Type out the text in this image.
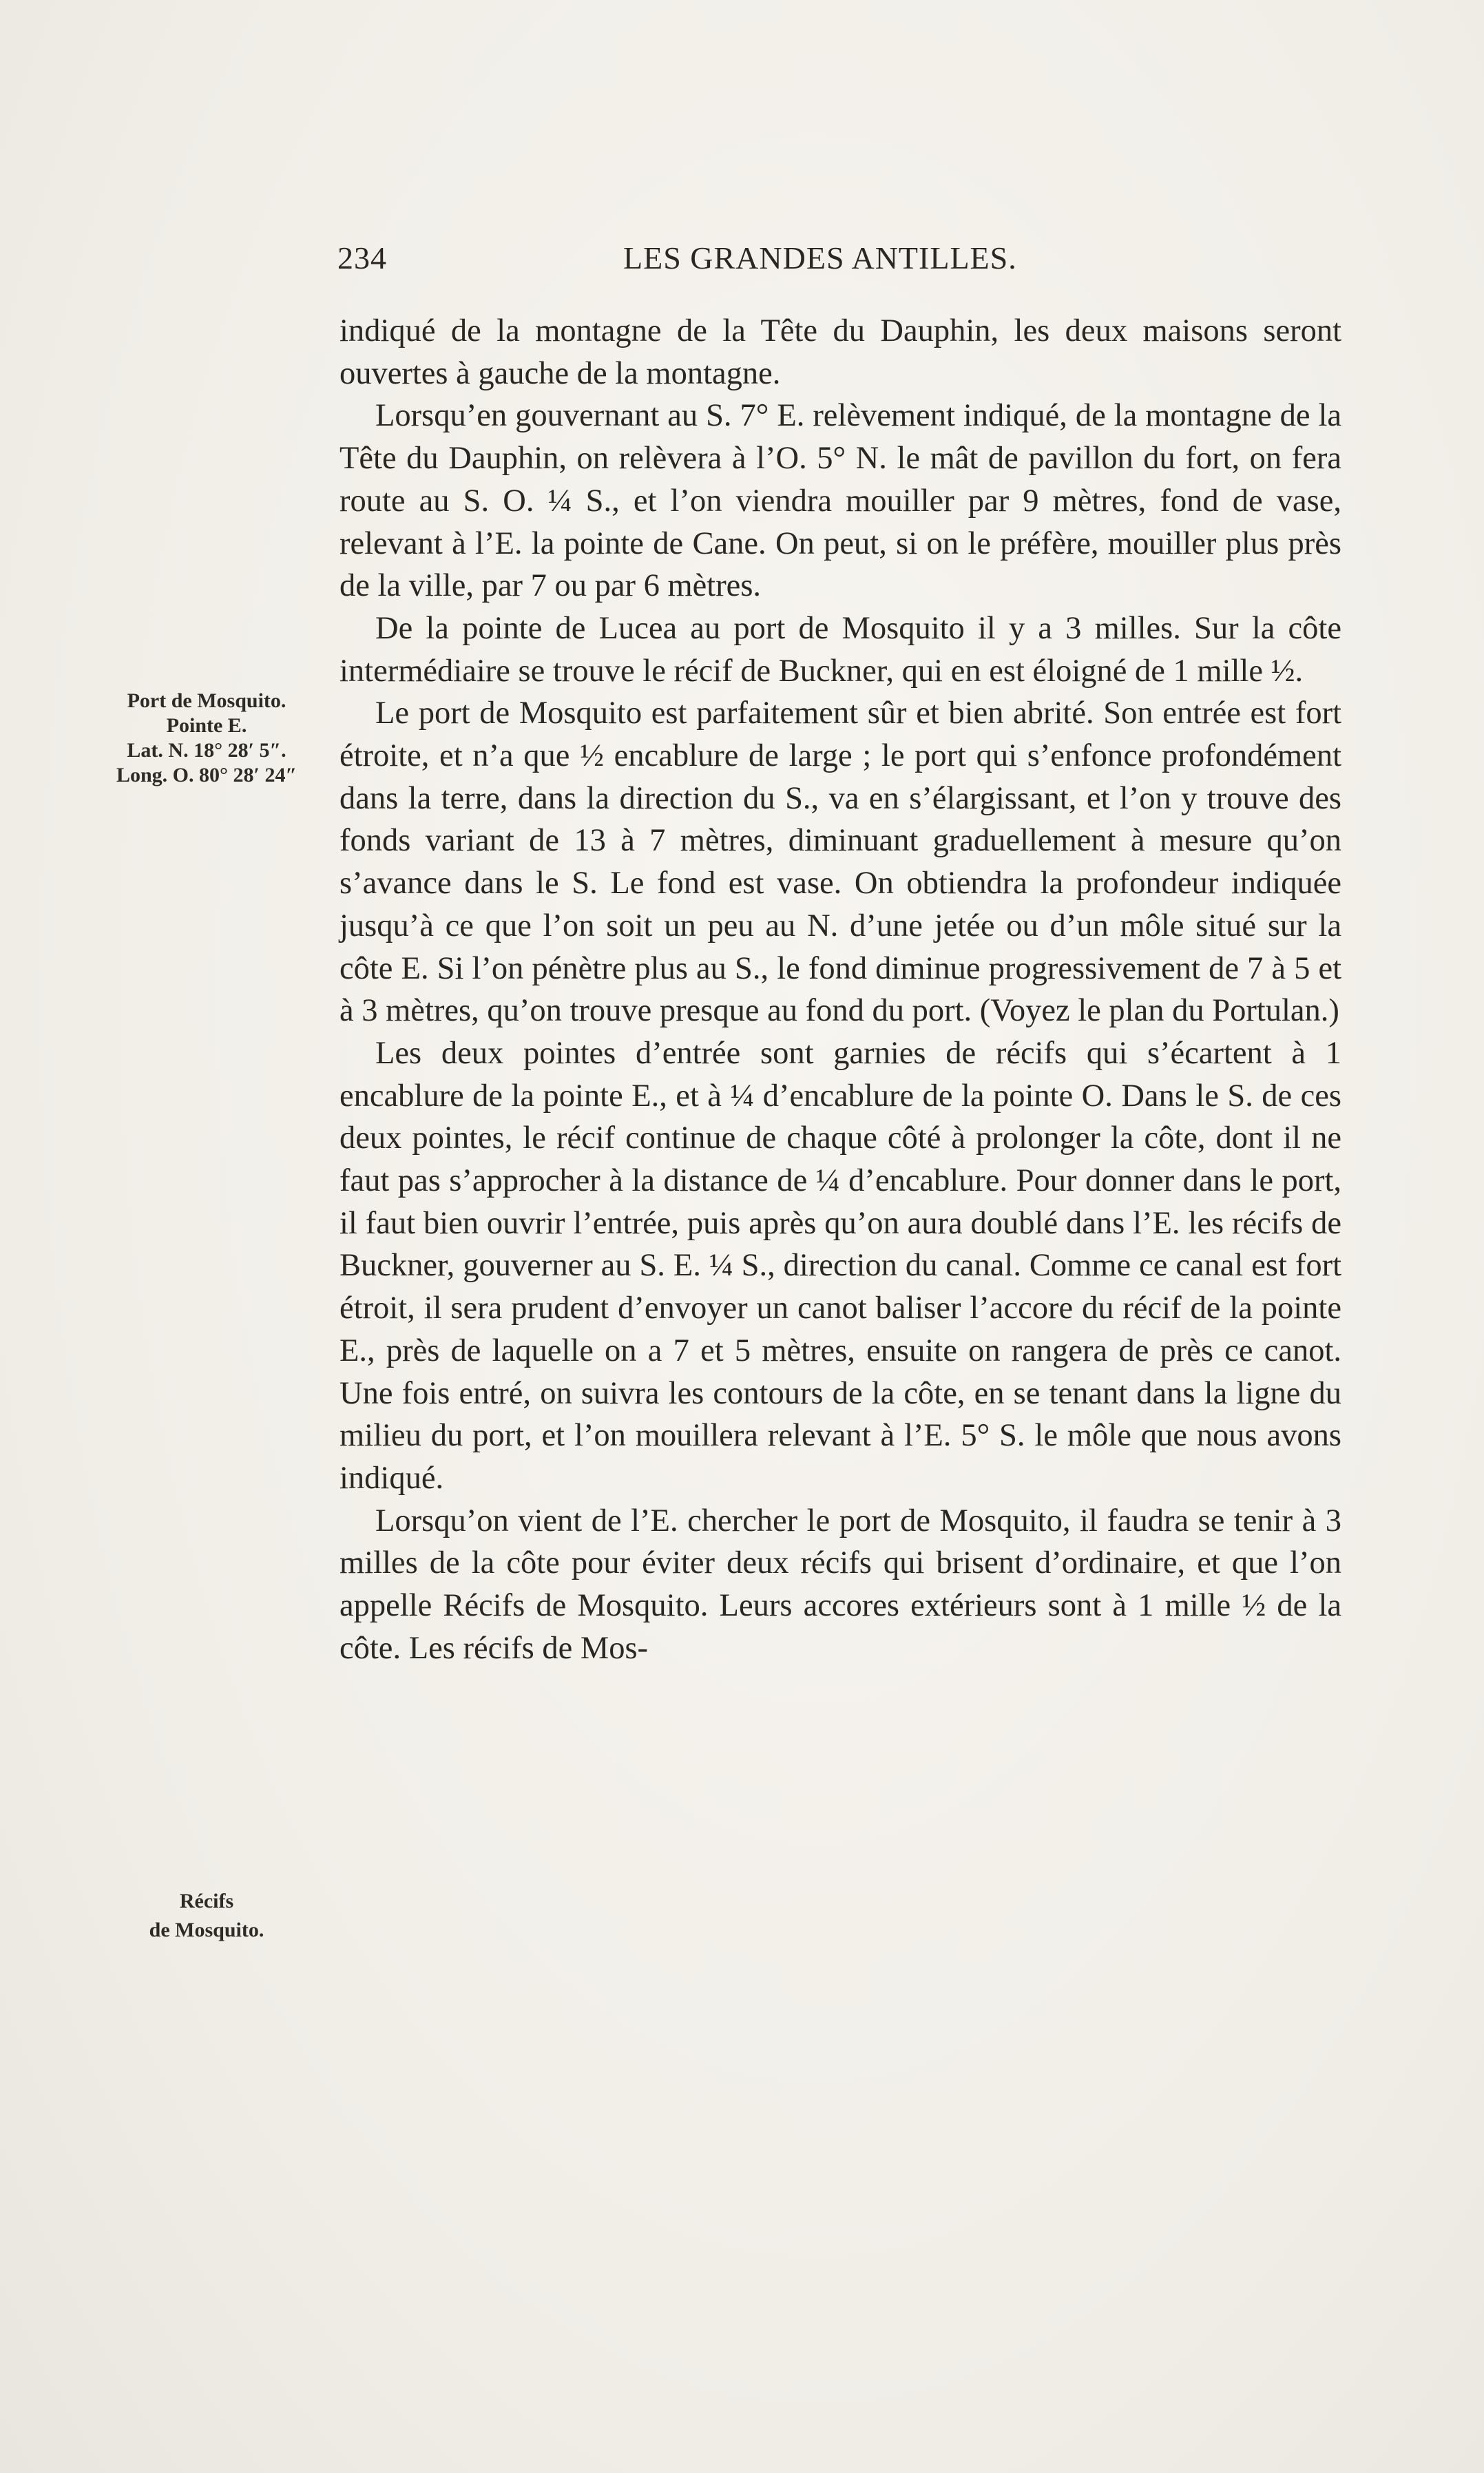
234	LES GRANDES ANTILLES.
Port de Mosquito.
Pointe E.
Lat. N. 18° 28′ 5″.
Long. O. 80° 28′ 24″
Récifs
de Mosquito.

indiqué de la montagne de la Tête du Dauphin, les deux maisons seront ouvertes à gauche de la montagne.

Lorsqu’en gouvernant au S. 7° E. relèvement indiqué, de la montagne de la Tête du Dauphin, on relèvera à l’O. 5° N. le mât de pavillon du fort, on fera route au S. O. ¼ S., et l’on viendra mouiller par 9 mètres, fond de vase, relevant à l’E. la pointe de Cane. On peut, si on le préfère, mouiller plus près de la ville, par 7 ou par 6 mètres.

De la pointe de Lucea au port de Mosquito il y a 3 milles. Sur la côte intermédiaire se trouve le récif de Buckner, qui en est éloigné de 1 mille ½.

Le port de Mosquito est parfaitement sûr et bien abrité. Son entrée est fort étroite, et n’a que ½ encablure de large ; le port qui s’enfonce profondément dans la terre, dans la direction du S., va en s’élargissant, et l’on y trouve des fonds variant de 13 à 7 mètres, diminuant graduellement à mesure qu’on s’avance dans le S. Le fond est vase. On obtiendra la profondeur indiquée jusqu’à ce que l’on soit un peu au N. d’une jetée ou d’un môle situé sur la côte E. Si l’on pénètre plus au S., le fond diminue progressivement de 7 à 5 et à 3 mètres, qu’on trouve presque au fond du port. (Voyez le plan du Portulan.)

Les deux pointes d’entrée sont garnies de récifs qui s’écartent à 1 encablure de la pointe E., et à ¼ d’encablure de la pointe O. Dans le S. de ces deux pointes, le récif continue de chaque côté à prolonger la côte, dont il ne faut pas s’approcher à la distance de ¼ d’encablure. Pour donner dans le port, il faut bien ouvrir l’entrée, puis après qu’on aura doublé dans l’E. les récifs de Buckner, gouverner au S. E. ¼ S., direction du canal. Comme ce canal est fort étroit, il sera prudent d’envoyer un canot baliser l’accore du récif de la pointe E., près de laquelle on a 7 et 5 mètres, ensuite on rangera de près ce canot. Une fois entré, on suivra les contours de la côte, en se tenant dans la ligne du milieu du port, et l’on mouillera relevant à l’E. 5° S. le môle que nous avons indiqué.

Lorsqu’on vient de l’E. chercher le port de Mosquito, il faudra se tenir à 3 milles de la côte pour éviter deux récifs qui brisent d’ordinaire, et que l’on appelle Récifs de Mosquito. Leurs accores extérieurs sont à 1 mille ½ de la côte. Les récifs de Mos-
